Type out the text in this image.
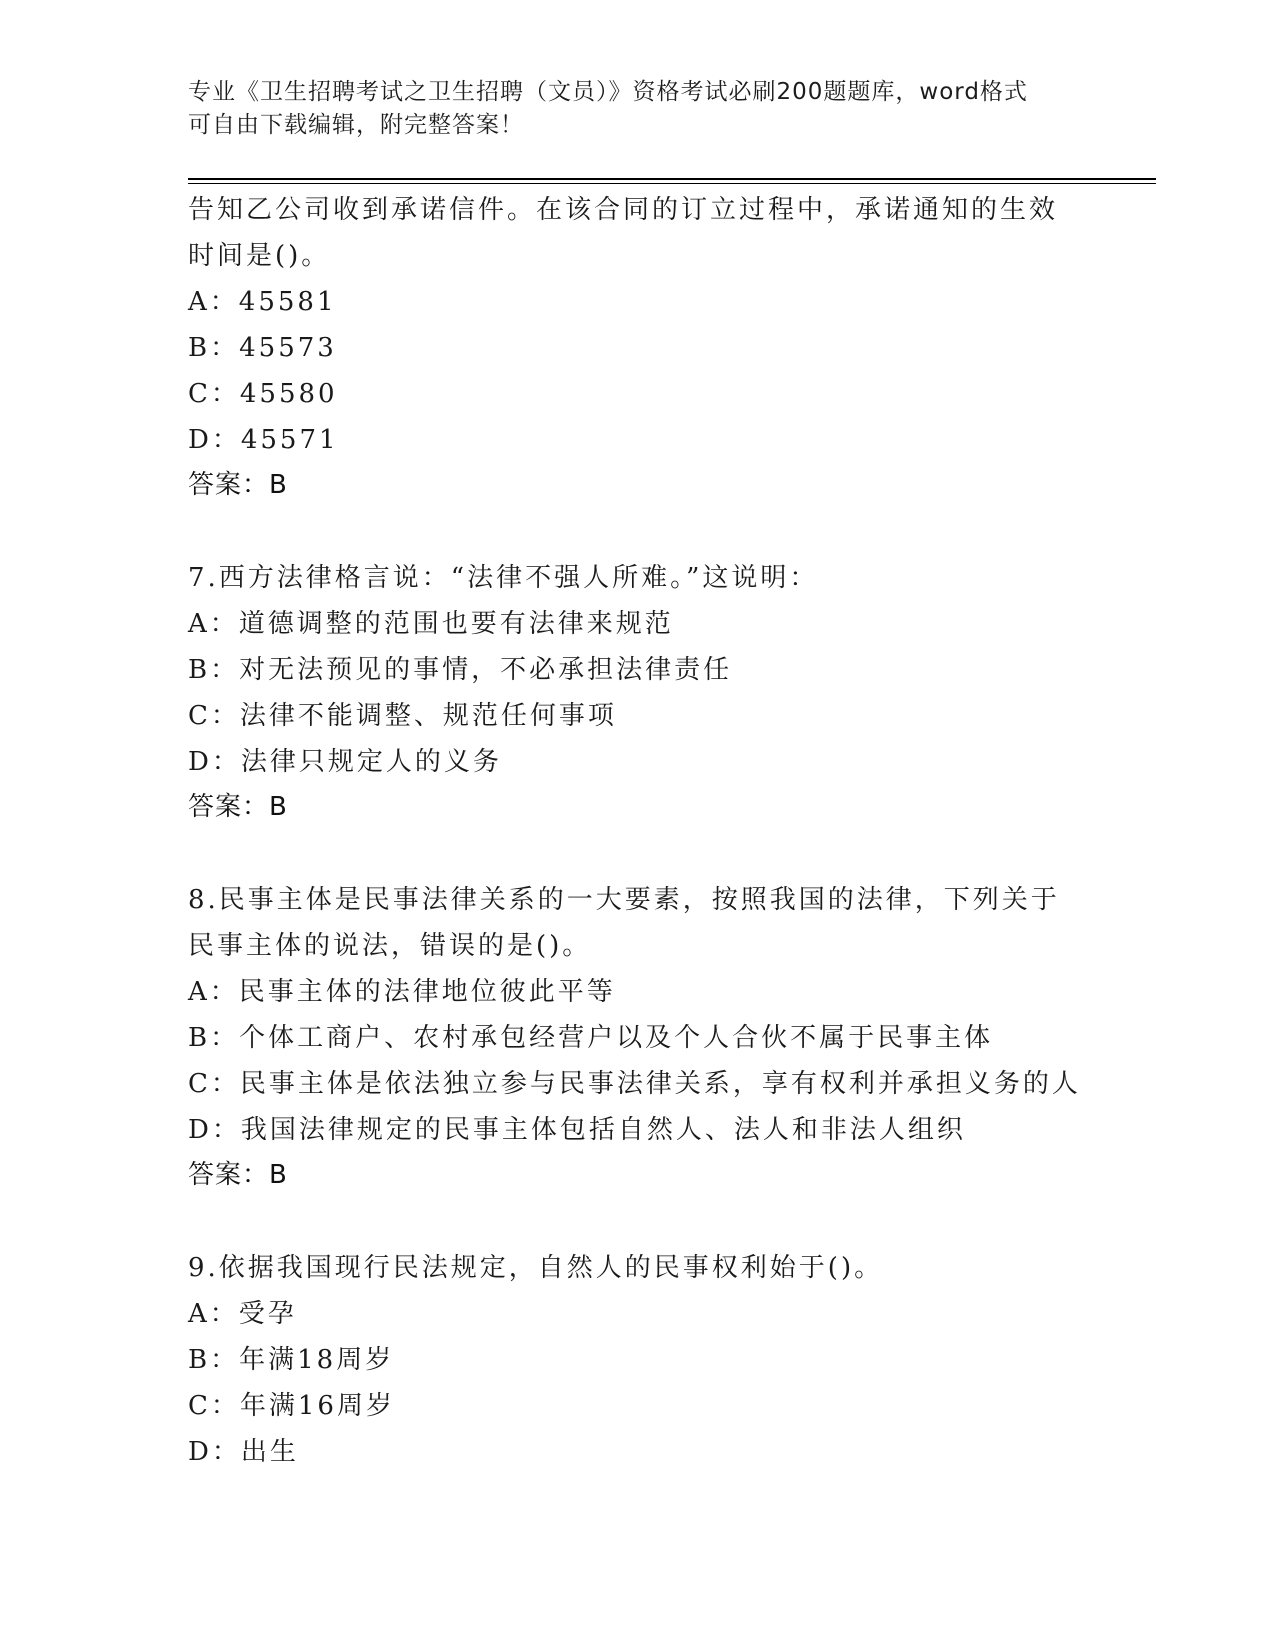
专业《卫生招聘考试之卫生招聘（文员）》资格考试必刷200题题库，word格式
可自由下载编辑，附完整答案！
告知乙公司收到承诺信件。在该合同的订立过程中，承诺通知的生效
时间是()。
A：45581
B：45573
C：45580
D：45571
答案：B
7.西方法律格言说：“法律不强人所难。”这说明：
A：道德调整的范围也要有法律来规范
B：对无法预见的事情，不必承担法律责任
C：法律不能调整、规范任何事项
D：法律只规定人的义务
答案：B
8.民事主体是民事法律关系的一大要素，按照我国的法律，下列关于
民事主体的说法，错误的是()。
A：民事主体的法律地位彼此平等
B：个体工商户、农村承包经营户以及个人合伙不属于民事主体
C：民事主体是依法独立参与民事法律关系，享有权利并承担义务的人
D：我国法律规定的民事主体包括自然人、法人和非法人组织
答案：B
9.依据我国现行民法规定，自然人的民事权利始于()。
A：受孕
B：年满18周岁
C：年满16周岁
D：出生
